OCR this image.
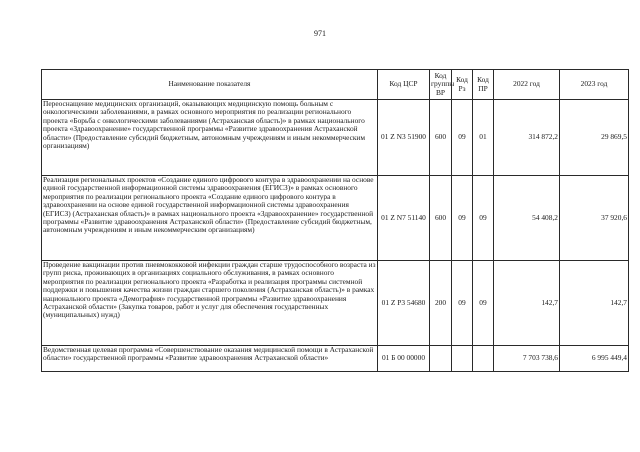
971
Наименование показателя	Код ЦСР	Код группы ВР	Код Рз	Код ПР	2022 год	2023 год
Переоснащение медицинских организаций, оказывающих медицинскую помощь больным с онкологическими заболеваниями, в рамках основного мероприятия по реализации регионального проекта «Борьба с онкологическими заболеваниями (Астраханская область)» в рамках национального проекта «Здравоохранение» государственной программы «Развитие здравоохранения Астраханской области» (Предоставление субсидий бюджетным, автономным учреждениям и иным некоммерческим организациям)	01 Z N3 51900	600	09	01	314 872,2	29 869,5
Реализация региональных проектов «Создание единого цифрового контура в здравоохранении на основе единой государственной информационной системы здравоохранения (ЕГИСЗ)» в рамках основного мероприятия по реализации регионального проекта «Создание единого цифрового контура в здравоохранении на основе единой государственной информационной системы здравоохранения (ЕГИСЗ) (Астраханская область)» в рамках национального проекта «Здравоохранение» государственной программы «Развитие здравоохранения Астраханской области» (Предоставление субсидий бюджетным, автономным учреждениям и иным некоммерческим организациям)	01 Z N7 51140	600	09	09	54 408,2	37 920,6
Проведение вакцинации против пневмококковой инфекции граждан старше трудоспособного возраста из групп риска, проживающих в организациях социального обслуживания, в рамках основного мероприятия по реализации регионального проекта «Разработка и реализация программы системной поддержки и повышения качества жизни граждан старшего поколения (Астраханская область)» в рамках национального проекта «Демография» государственной программы «Развитие здравоохранения Астраханской области» (Закупка товаров, работ и услуг для обеспечения государственных (муниципальных) нужд)	01 Z P3 54680	200	09	09	142,7	142,7
Ведомственная целевая программа «Совершенствование оказания медицинской помощи в Астраханской области» государственной программы «Развитие здравоохранения Астраханской области»	01 Б 00 00000				7 703 738,6	6 995 449,4
